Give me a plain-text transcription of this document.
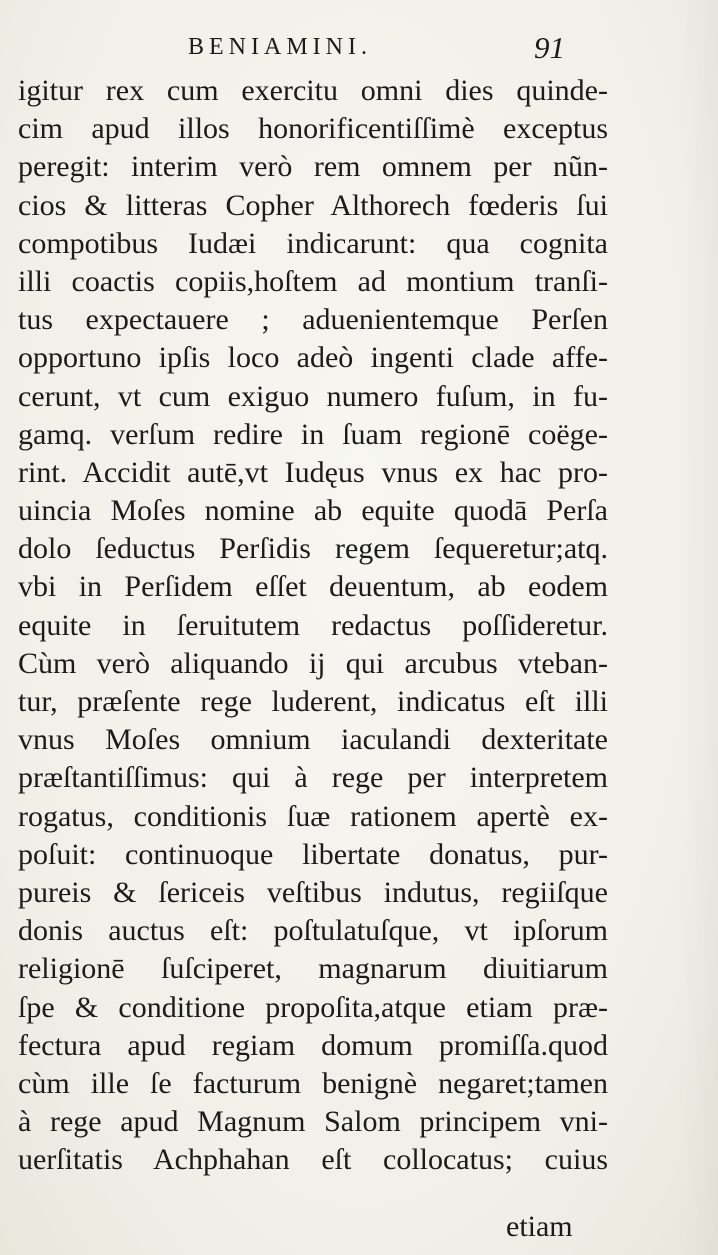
BENIAMINI.	91
igitur rex cum exercitu omni dies quinde-
cim apud illos honorificentiſſimè exceptus
peregit: interim verò rem omnem per nũn-
cios & litteras Copher Althorech fœderis ſui
compotibus Iudæi indicarunt: qua cognita
illi coactis copiis,hoſtem ad montium tranſi-
tus expectauere ; aduenientemque Perſen
opportuno ipſis loco adeò ingenti clade affe-
cerunt, vt cum exiguo numero fuſum, in fu-
gamq. verſum redire in ſuam regionē coëge-
rint. Accidit autē,vt Iudęus vnus ex hac pro-
uincia Moſes nomine ab equite quodā Perſa
dolo ſeductus Perſidis regem ſequeretur;atq.
vbi in Perſidem eſſet deuentum, ab eodem
equite in ſeruitutem redactus poſſideretur.
Cùm verò aliquando ij qui arcubus vteban-
tur, præſente rege luderent, indicatus eſt illi
vnus Moſes omnium iaculandi dexteritate
præſtantiſſimus: qui à rege per interpretem
rogatus, conditionis ſuæ rationem apertè ex-
poſuit: continuoque libertate donatus, pur-
pureis & ſericeis veſtibus indutus, regiiſque
donis auctus eſt: poſtulatuſque, vt ipſorum
religionē ſuſciperet, magnarum diuitiarum
ſpe & conditione propoſita,atque etiam præ-
fectura apud regiam domum promiſſa.quod
cùm ille ſe facturum benignè negaret;tamen
à rege apud Magnum Salom principem vni-
uerſitatis Achphahan eſt collocatus; cuius
etiam
